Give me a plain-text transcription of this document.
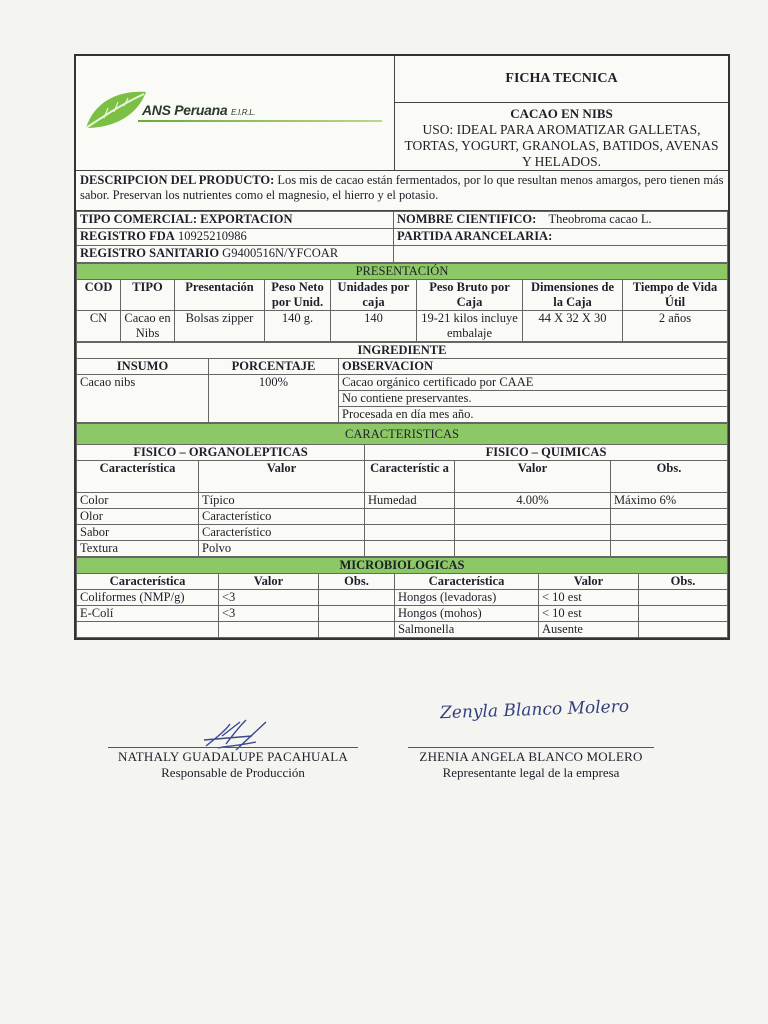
ANS Peruana E.I.R.L.
FICHA TECNICA
CACAO EN NIBS
USO: IDEAL PARA AROMATIZAR GALLETAS, TORTAS, YOGURT, GRANOLAS, BATIDOS, AVENAS Y HELADOS.
DESCRIPCION DEL PRODUCTO: Los mis de cacao están fermentados, por lo que resultan menos amargos, pero tienen más sabor. Preservan los nutrientes como el magnesio, el hierro y el potasio.
TIPO COMERCIAL: EXPORTACION	NOMBRE CIENTIFICO: Theobroma cacao L.
REGISTRO FDA 10925210986	PARTIDA ARANCELARIA:
REGISTRO SANITARIO G9400516N/YFCOAR	
PRESENTACIÓN							
COD	TIPO	Presentación	Peso Neto por Unid.	Unidades por caja	Peso Bruto por Caja	Dimensiones de la Caja	Tiempo de Vida Útil
CN	Cacao en Nibs	Bolsas zipper	140 g.	140	19-21 kilos incluye embalaje	44 X 32 X 30	2 años
INGREDIENTE		
INSUMO	PORCENTAJE	OBSERVACION
Cacao nibs	100%	Cacao orgánico certificado por CAAE
		No contiene preservantes.
		Procesada en día mes año.
CARACTERISTICAS				
FISICO – ORGANOLEPTICAS		FISICO – QUIMICAS		
Característica	Valor	Característic a	Valor	Obs.
Color	Típico	Humedad	4.00%	Máximo 6%
Olor	Característico			
Sabor	Característico			
Textura	Polvo			
MICROBIOLOGICAS					
Característica	Valor	Obs.	Característica	Valor	Obs.
Coliformes (NMP/g)	<3		Hongos (levadoras)	< 10 est	
E-Colí	<3		Hongos (mohos)	< 10 est	
			Salmonella	Ausente	
NATHALY GUADALUPE PACAHUALA
Responsable de Producción
Zenyla Blanco Molero
ZHENIA ANGELA BLANCO MOLERO
Representante legal de la empresa
